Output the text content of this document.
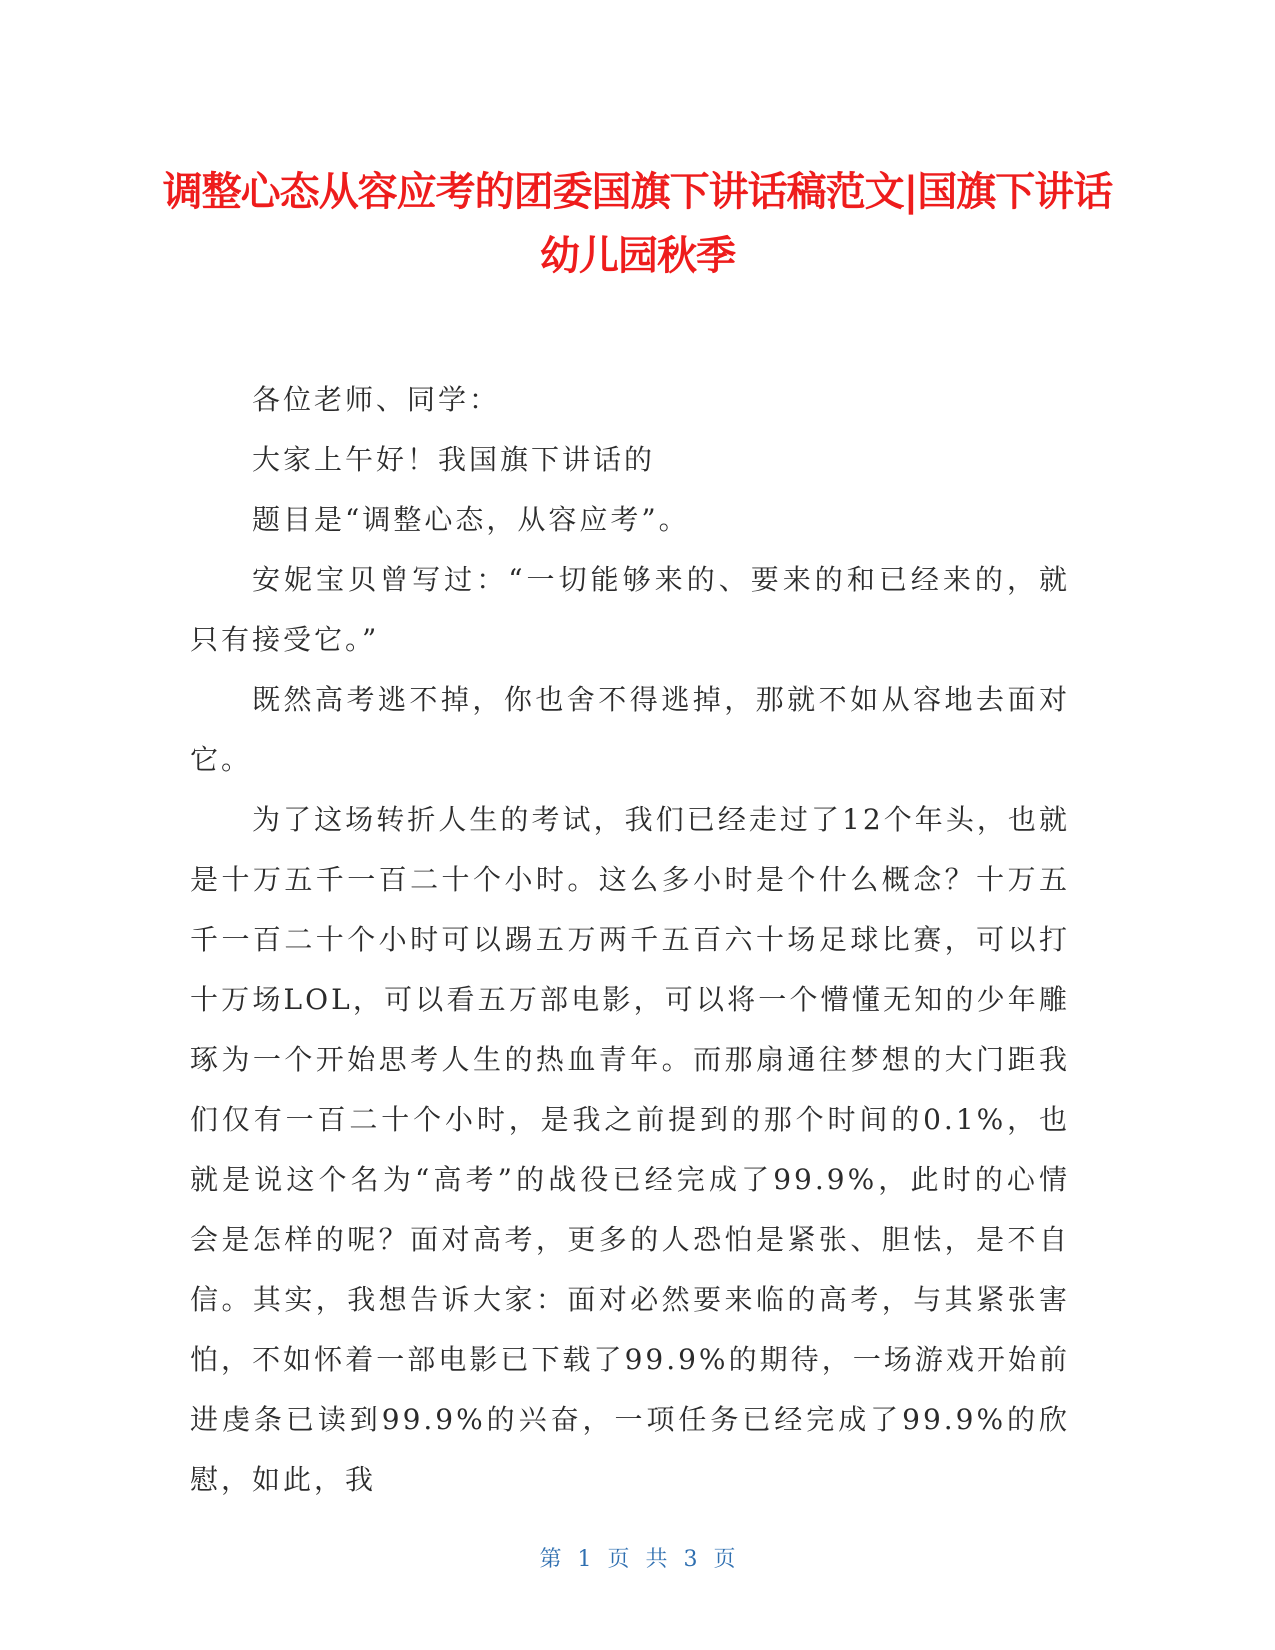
调整心态从容应考的团委国旗下讲话稿范文|国旗下讲话幼儿园秋季

各位老师、同学：

大家上午好！我国旗下讲话的

题目是“调整心态，从容应考”。

安妮宝贝曾写过：“一切能够来的、要来的和已经来的，就只有接受它。”

既然高考逃不掉，你也舍不得逃掉，那就不如从容地去面对它。

为了这场转折人生的考试，我们已经走过了12个年头，也就是十万五千一百二十个小时。这么多小时是个什么概念？十万五千一百二十个小时可以踢五万两千五百六十场足球比赛，可以打十万场LOL，可以看五万部电影，可以将一个懵懂无知的少年雕琢为一个开始思考人生的热血青年。而那扇通往梦想的大门距我们仅有一百二十个小时，是我之前提到的那个时间的0.1%，也就是说这个名为“高考”的战役已经完成了99.9%，此时的心情会是怎样的呢？面对高考，更多的人恐怕是紧张、胆怯，是不自信。其实，我想告诉大家：面对必然要来临的高考，与其紧张害怕，不如怀着一部电影已下载了99.9%的期待，一场游戏开始前进虔条已读到99.9%的兴奋，一项任务已经完成了99.9%的欣慰，如此，我

第 1 页 共 3 页
